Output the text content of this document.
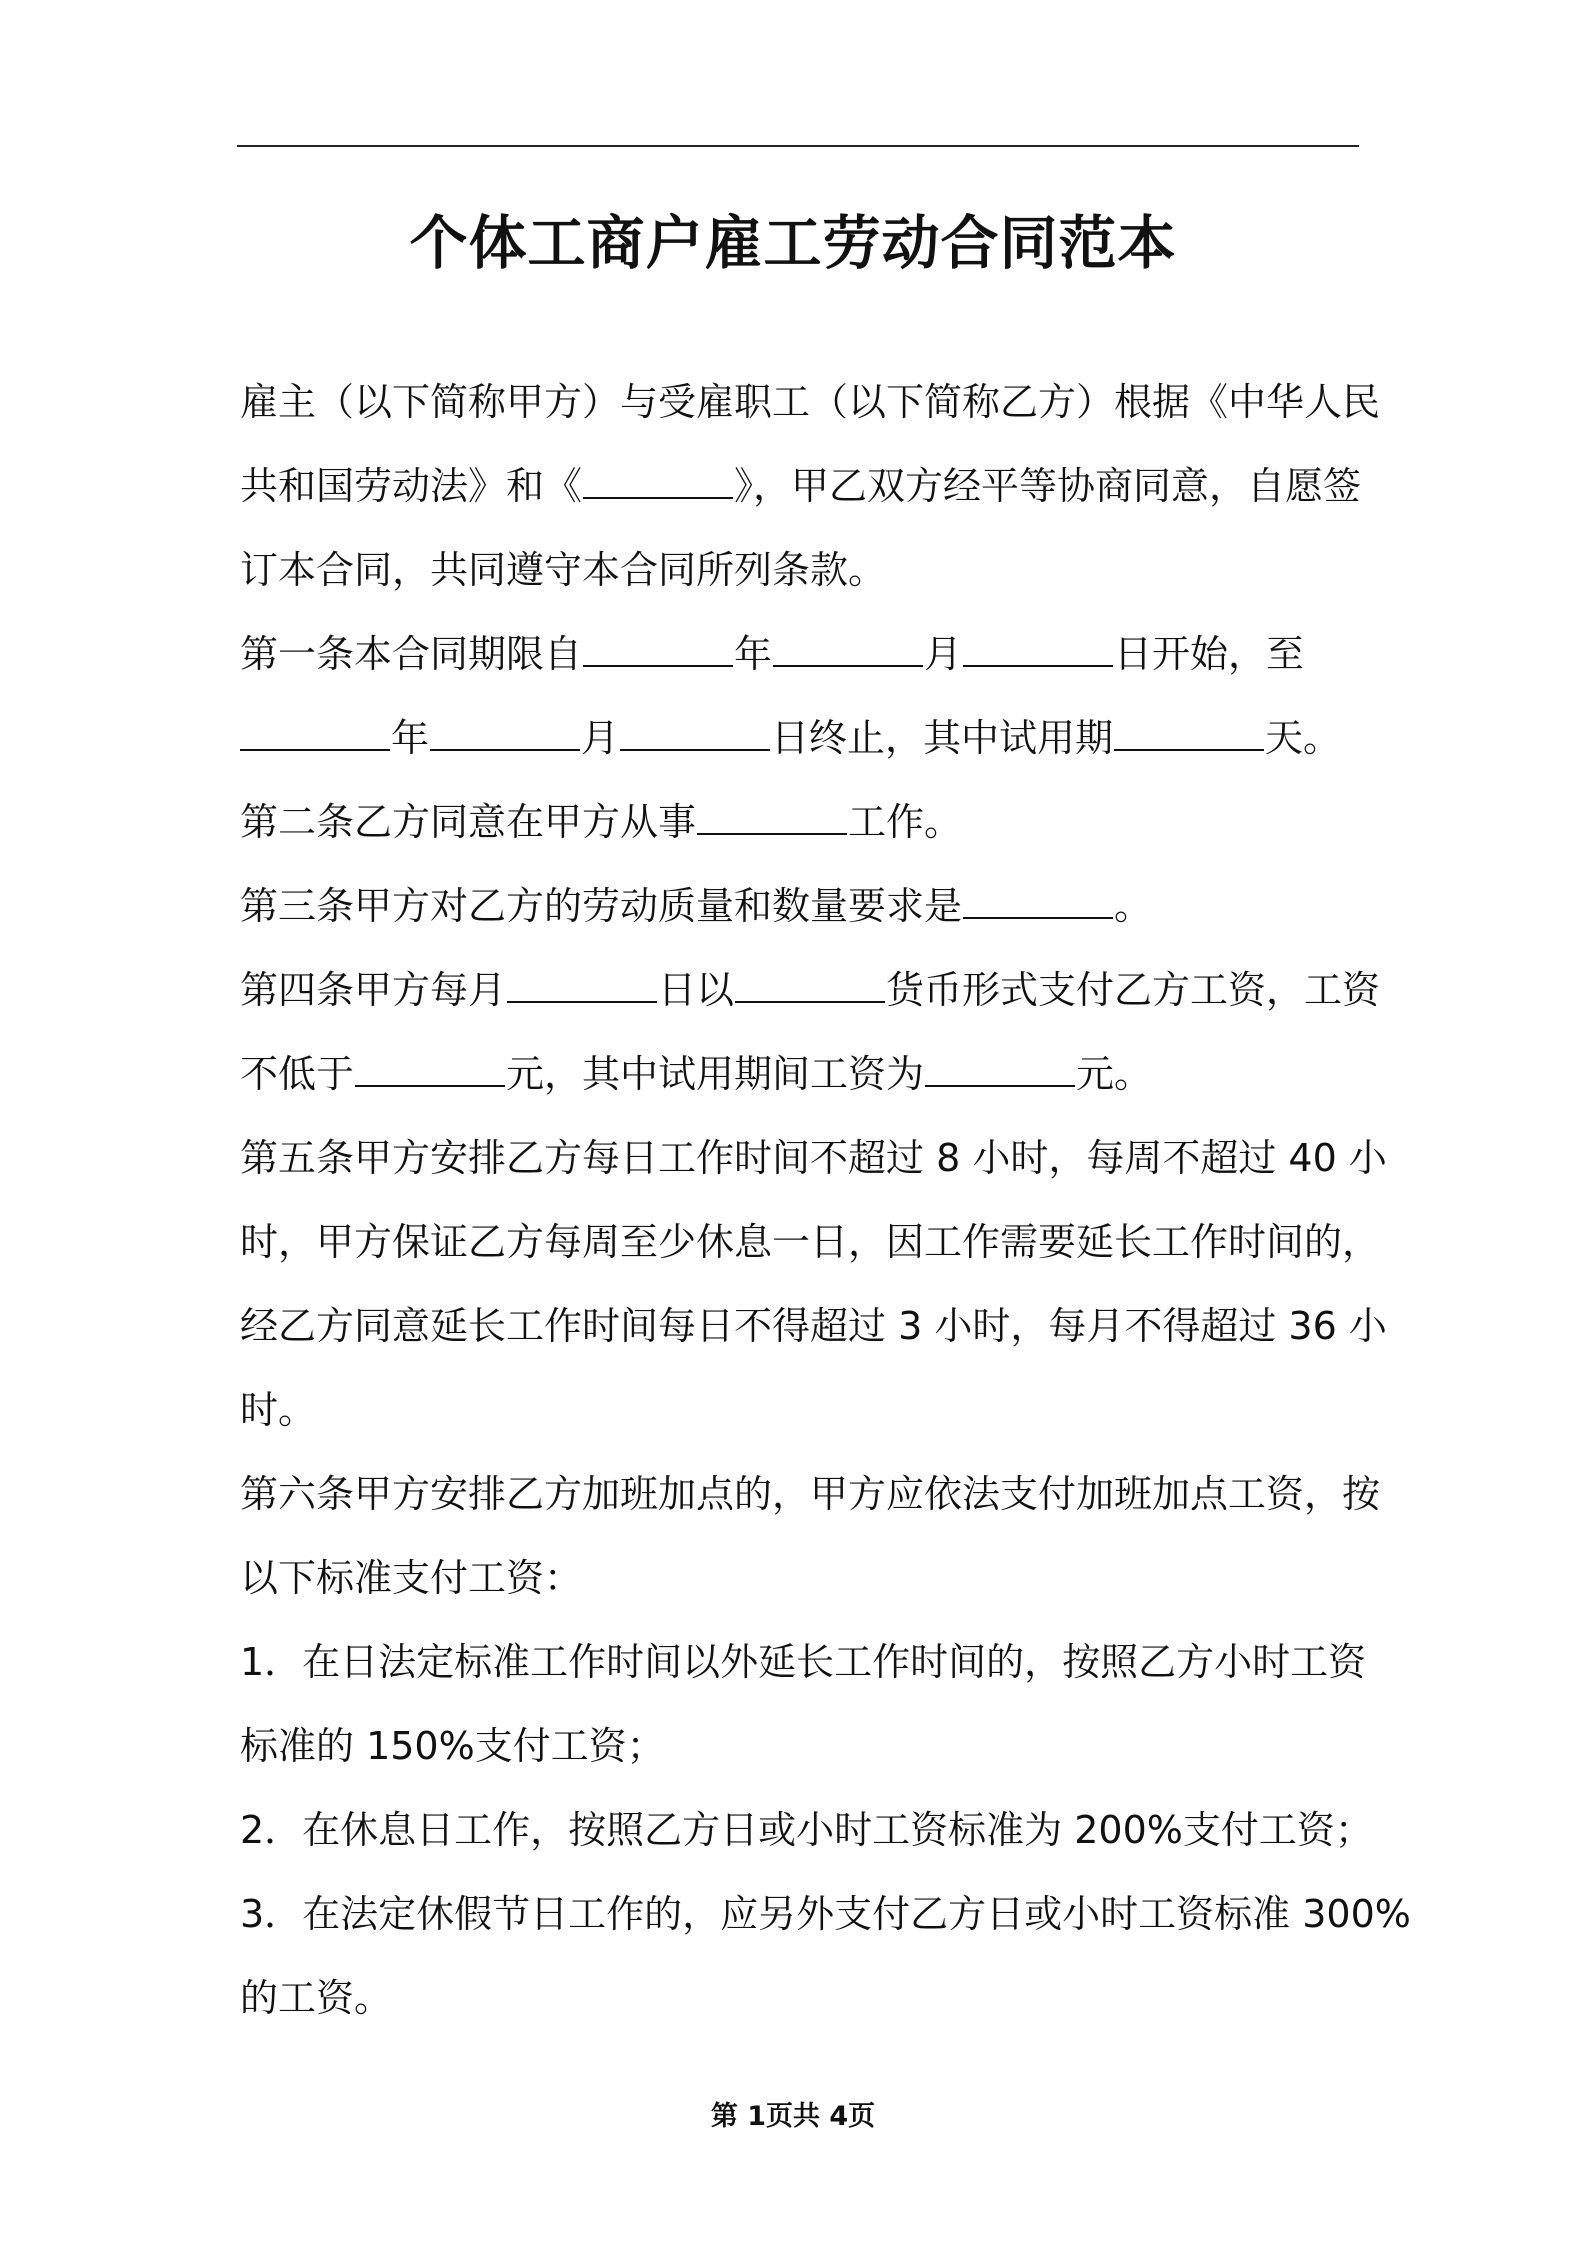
个体工商户雇工劳动合同范本

雇主（以下简称甲方）与受雇职工（以下简称乙方）根据《中华人民
共和国劳动法》和《	》，甲乙双方经平等协商同意，自愿签
订本合同，共同遵守本合同所列条款。

第一条本合同期限自	年	月	日开始，至
年	月	日终止，其中试用期	天。

第二条乙方同意在甲方从事	工作。

第三条甲方对乙方的劳动质量和数量要求是	。

第四条甲方每月	日以	货币形式支付乙方工资，工资
不低于	元，其中试用期间工资为	元。

第五条甲方安排乙方每日工作时间不超过 8 小时，每周不超过 40 小
时，甲方保证乙方每周至少休息一日，因工作需要延长工作时间的，
经乙方同意延长工作时间每日不得超过 3 小时，每月不得超过 36 小
时。

第六条甲方安排乙方加班加点的，甲方应依法支付加班加点工资，按
以下标准支付工资：

1．在日法定标准工作时间以外延长工作时间的，按照乙方小时工资
标准的 150%支付工资；

2．在休息日工作，按照乙方日或小时工资标准为 200%支付工资；

3．在法定休假节日工作的，应另外支付乙方日或小时工资标准 300%
的工资。

第 1页共 4页
